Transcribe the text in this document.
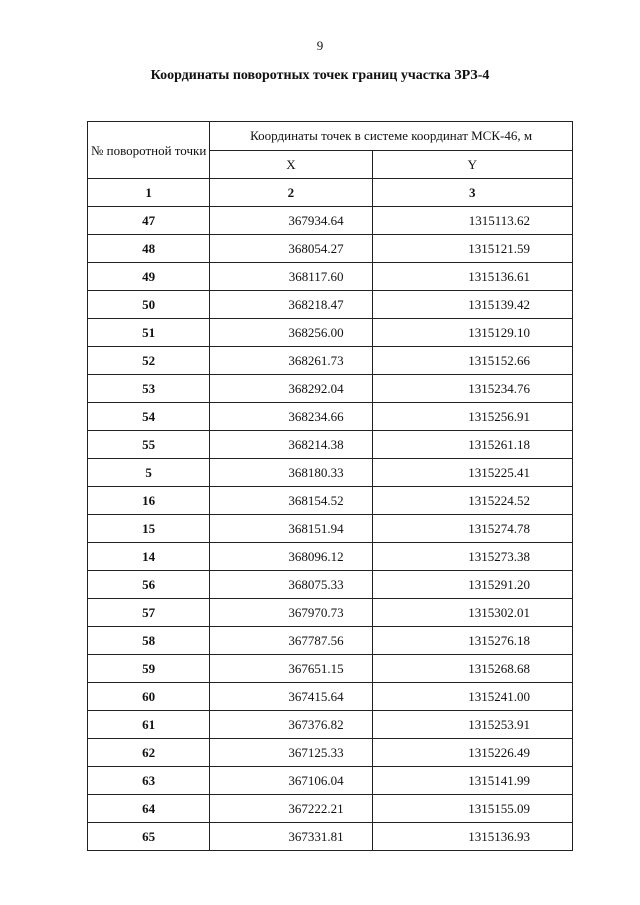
9
Координаты поворотных точек границ участка ЗРЗ-4
№ поворотной точки	Координаты точек в системе координат МСК-46, м	
	X	Y
1	2	3
47	367934.64	1315113.62
48	368054.27	1315121.59
49	368117.60	1315136.61
50	368218.47	1315139.42
51	368256.00	1315129.10
52	368261.73	1315152.66
53	368292.04	1315234.76
54	368234.66	1315256.91
55	368214.38	1315261.18
5	368180.33	1315225.41
16	368154.52	1315224.52
15	368151.94	1315274.78
14	368096.12	1315273.38
56	368075.33	1315291.20
57	367970.73	1315302.01
58	367787.56	1315276.18
59	367651.15	1315268.68
60	367415.64	1315241.00
61	367376.82	1315253.91
62	367125.33	1315226.49
63	367106.04	1315141.99
64	367222.21	1315155.09
65	367331.81	1315136.93
